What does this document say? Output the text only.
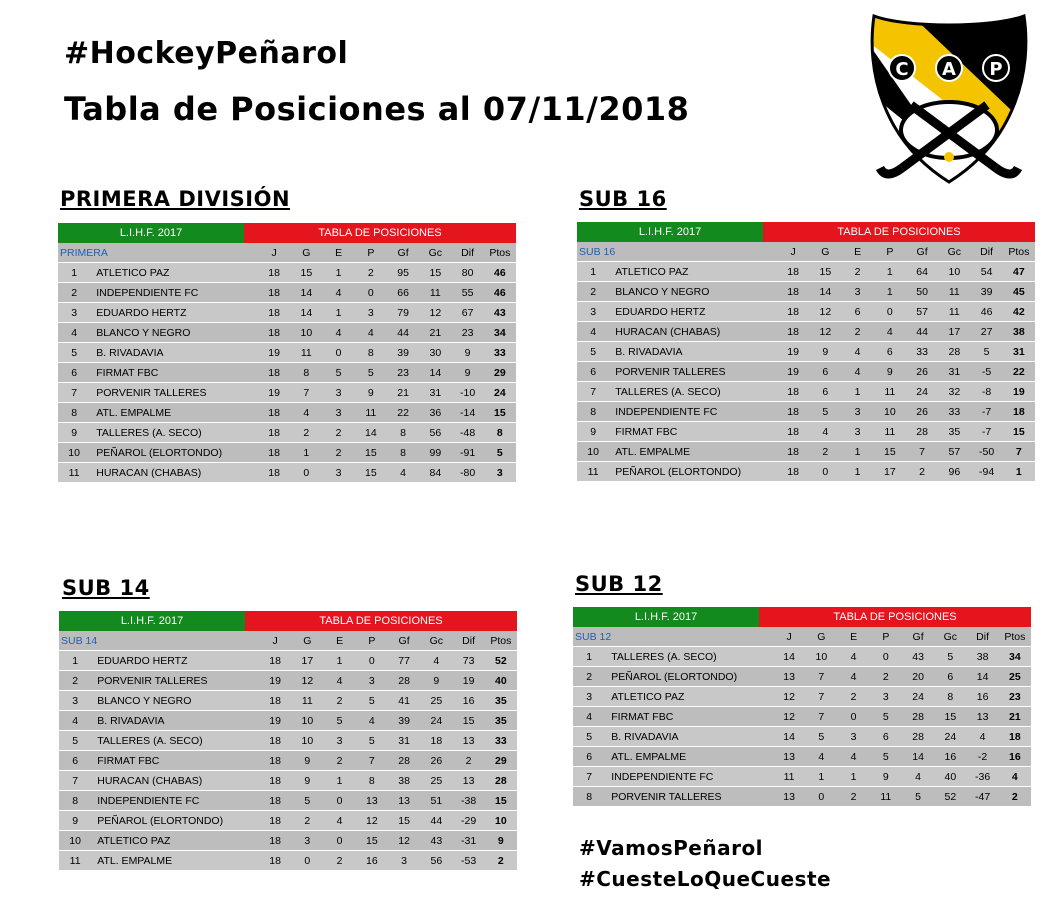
#HockeyPeñarol
Tabla de Posiciones al 07/11/2018
C A P
PRIMERA DIVISIÓN	SUB 16
SUB 14	SUB 12
L.I.H.F. 2017	TABLA DE POSICIONES
PRIMERA		J	G	E	P	Gf	Gc	Dif	Ptos
1	ATLETICO PAZ	18	15	1	2	95	15	80	46
2	INDEPENDIENTE FC	18	14	4	0	66	11	55	46
3	EDUARDO HERTZ	18	14	1	3	79	12	67	43
4	BLANCO Y NEGRO	18	10	4	4	44	21	23	34
5	B. RIVADAVIA	19	11	0	8	39	30	9	33
6	FIRMAT FBC	18	8	5	5	23	14	9	29
7	PORVENIR TALLERES	19	7	3	9	21	31	-10	24
8	ATL. EMPALME	18	4	3	11	22	36	-14	15
9	TALLERES (A. SECO)	18	2	2	14	8	56	-48	8
10	PEÑAROL (ELORTONDO)	18	1	2	15	8	99	-91	5
11	HURACAN (CHABAS)	18	0	3	15	4	84	-80	3
L.I.H.F. 2017	TABLA DE POSICIONES
SUB 16		J	G	E	P	Gf	Gc	Dif	Ptos
1	ATLETICO PAZ	18	15	2	1	64	10	54	47
2	BLANCO Y NEGRO	18	14	3	1	50	11	39	45
3	EDUARDO HERTZ	18	12	6	0	57	11	46	42
4	HURACAN (CHABAS)	18	12	2	4	44	17	27	38
5	B. RIVADAVIA	19	9	4	6	33	28	5	31
6	PORVENIR TALLERES	19	6	4	9	26	31	-5	22
7	TALLERES (A. SECO)	18	6	1	11	24	32	-8	19
8	INDEPENDIENTE FC	18	5	3	10	26	33	-7	18
9	FIRMAT FBC	18	4	3	11	28	35	-7	15
10	ATL. EMPALME	18	2	1	15	7	57	-50	7
11	PEÑAROL (ELORTONDO)	18	0	1	17	2	96	-94	1
L.I.H.F. 2017	TABLA DE POSICIONES
SUB 14		J	G	E	P	Gf	Gc	Dif	Ptos
1	EDUARDO HERTZ	18	17	1	0	77	4	73	52
2	PORVENIR TALLERES	19	12	4	3	28	9	19	40
3	BLANCO Y NEGRO	18	11	2	5	41	25	16	35
4	B. RIVADAVIA	19	10	5	4	39	24	15	35
5	TALLERES (A. SECO)	18	10	3	5	31	18	13	33
6	FIRMAT FBC	18	9	2	7	28	26	2	29
7	HURACAN (CHABAS)	18	9	1	8	38	25	13	28
8	INDEPENDIENTE FC	18	5	0	13	13	51	-38	15
9	PEÑAROL (ELORTONDO)	18	2	4	12	15	44	-29	10
10	ATLETICO PAZ	18	3	0	15	12	43	-31	9
11	ATL. EMPALME	18	0	2	16	3	56	-53	2
L.I.H.F. 2017	TABLA DE POSICIONES
SUB 12		J	G	E	P	Gf	Gc	Dif	Ptos
1	TALLERES (A. SECO)	14	10	4	0	43	5	38	34
2	PEÑAROL (ELORTONDO)	13	7	4	2	20	6	14	25
3	ATLETICO PAZ	12	7	2	3	24	8	16	23
4	FIRMAT FBC	12	7	0	5	28	15	13	21
5	B. RIVADAVIA	14	5	3	6	28	24	4	18
6	ATL. EMPALME	13	4	4	5	14	16	-2	16
7	INDEPENDIENTE FC	11	1	1	9	4	40	-36	4
8	PORVENIR TALLERES	13	0	2	11	5	52	-47	2
#VamosPeñarol
#CuesteLoQueCueste
